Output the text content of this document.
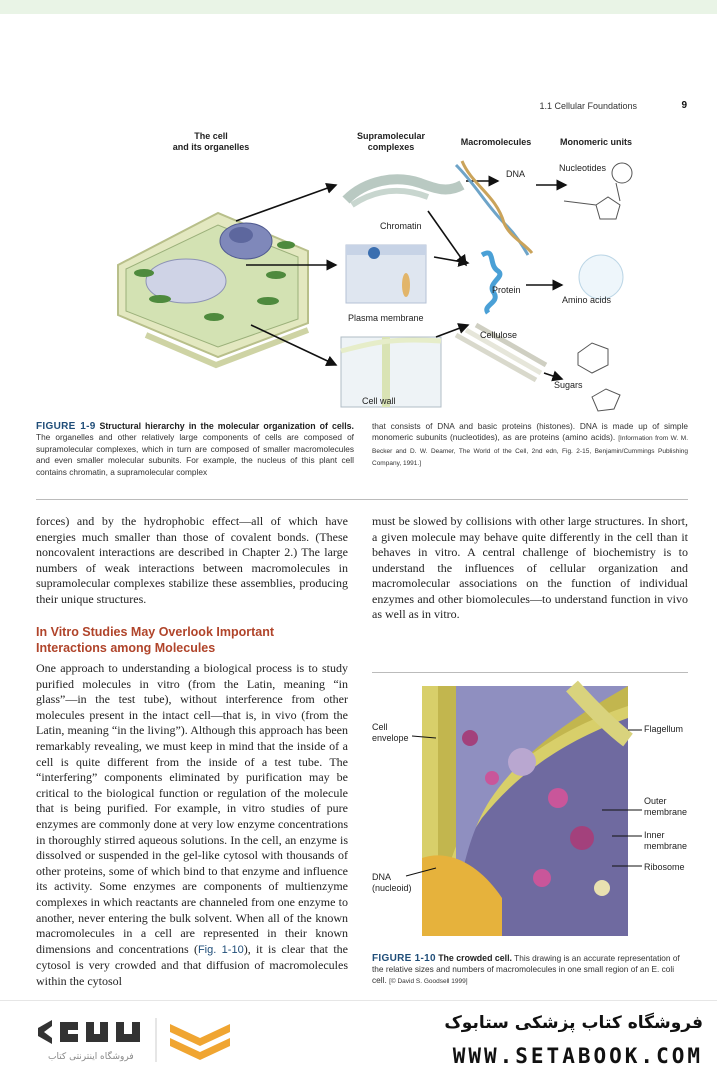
1.1 Cellular Foundations	9
The cell
and its organelles
Supramolecular
complexes	Macromolecules	Monomeric units
Chromatin
Plasma membrane
Cell wall
DNA
Protein
Cellulose
Nucleotides
Amino acids
Sugars
FIGURE 1-9 Structural hierarchy in the molecular organization of cells. The organelles and other relatively large components of cells are composed of supramolecular complexes, which in turn are composed of smaller macromolecules and even smaller molecular subunits. For example, the nucleus of this plant cell contains chromatin, a supramolecular complex
that consists of DNA and basic proteins (histones). DNA is made up of simple monomeric subunits (nucleotides), as are proteins (amino acids). [Information from W. M. Becker and D. W. Deamer, The World of the Cell, 2nd edn, Fig. 2-15, Benjamin/Cummings Publishing Company, 1991.]

forces) and by the hydrophobic effect—all of which have energies much smaller than those of covalent bonds. (These noncovalent interactions are described in Chapter 2.) The large numbers of weak interactions between macromolecules in supramolecular complexes stabilize these assemblies, producing their unique structures.

In Vitro Studies May Overlook Important Interactions among Molecules

One approach to understanding a biological process is to study purified molecules in vitro (from the Latin, meaning “in glass”—in the test tube), without interference from other molecules present in the intact cell—that is, in vivo (from the Latin, meaning “in the living”). Although this approach has been remarkably revealing, we must keep in mind that the inside of a cell is quite different from the inside of a test tube. The “interfering” components eliminated by purification may be critical to the biological function or regulation of the molecule that is being purified. For example, in vitro studies of pure enzymes are commonly done at very low enzyme concentrations in thoroughly stirred aqueous solutions. In the cell, an enzyme is dissolved or suspended in the gel-like cytosol with thousands of other proteins, some of which bind to that enzyme and influence its activity. Some enzymes are components of multienzyme complexes in which reactants are channeled from one enzyme to another, never entering the bulk solvent. When all of the known macromolecules in a cell are represented in their known dimensions and concentrations (Fig. 1-10), it is clear that the cytosol is very crowded and that diffusion of macromolecules within the cytosol

must be slowed by collisions with other large structures. In short, a given molecule may behave quite differently in the cell than it behaves in vitro. A central challenge of biochemistry is to understand the influences of cellular organization and macromolecular associations on the function of individual enzymes and other biomolecules—to understand function in vivo as well as in vitro.

Cell
envelope
Flagellum
Outer
membrane
Inner
membrane
Ribosome
DNA
(nucleoid)
FIGURE 1-10 The crowded cell. This drawing is an accurate representation of the relative sizes and numbers of macromolecules in one small region of an E. coli cell. [© David S. Goodsell 1999]
فروشگاه اینترنتی کتاب
فروشگاه کتاب پزشکی ستابوک
WWW.SETABOOK.COM
